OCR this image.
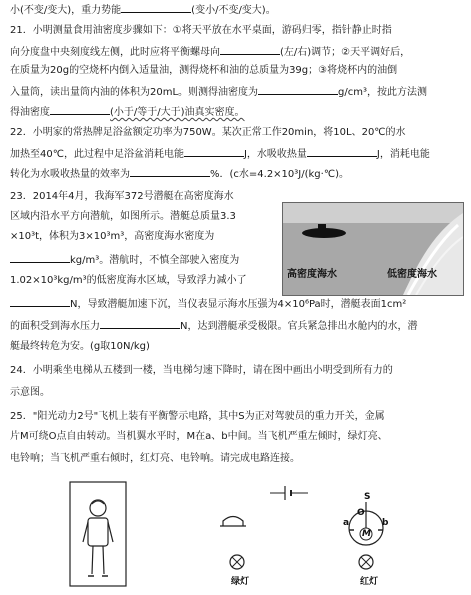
小(不变/变大)，重力势能	(变小/不变/变大)。
21．小明测量食用油密度步骤如下：①将天平放在水平桌面，游码归零，指针静止时指
向分度盘中央刻度线左侧，此时应将平衡螺母向	(左/右)调节；②天平调好后，
在质量为20g的空烧杯内倒入适量油，测得烧杯和油的总质量为39g；③将烧杯内的油倒
入量筒，读出量筒内油的体积为20mL。则测得油密度为	g/cm³，按此方法测
得油密度	(小于/等于/大于)油真实密度。
22．小明家的常热牌足浴盆额定功率为750W。某次正常工作20min，将10L、20℃的水
加热至40℃，此过程中足浴盆消耗电能	J，水吸收热量	J，消耗电能
转化为水吸收热量的效率为	%．(c水=4.2×10³J/(kg·℃)。
23．2014年4月，我海军372号潜艇在高密度海水
区域内沿水平方向潜航，如图所示。潜艇总质量3.3
×10³t，体积为3×10³m³，高密度海水密度为
kg/m³。潜航时，不慎全部驶入密度为
1.02×10³kg/m³的低密度海水区域，导致浮力减小了
N，导致潜艇加速下沉，当仪表显示海水压强为4×10⁶Pa时，潜艇表面1cm²
的面积受到海水压力	N，达到潜艇承受极限。官兵紧急排出水舱内的水，潜
艇最终转危为安。(g取10N/kg)
高密度海水	低密度海水
24．小明乘坐电梯从五楼到一楼，当电梯匀速下降时，请在图中画出小明受到所有力的
示意图。
25．"阳光动力2号"飞机上装有平衡警示电路，其中S为正对驾驶员的重力开关，金属
片M可绕O点自由转动。当机翼水平时，M在a、b中间。当飞机严重左倾时，绿灯亮、
电铃响；当飞机严重右倾时，红灯亮、电铃响。请完成电路连接。
S
O
M
a	b
绿灯	红灯
